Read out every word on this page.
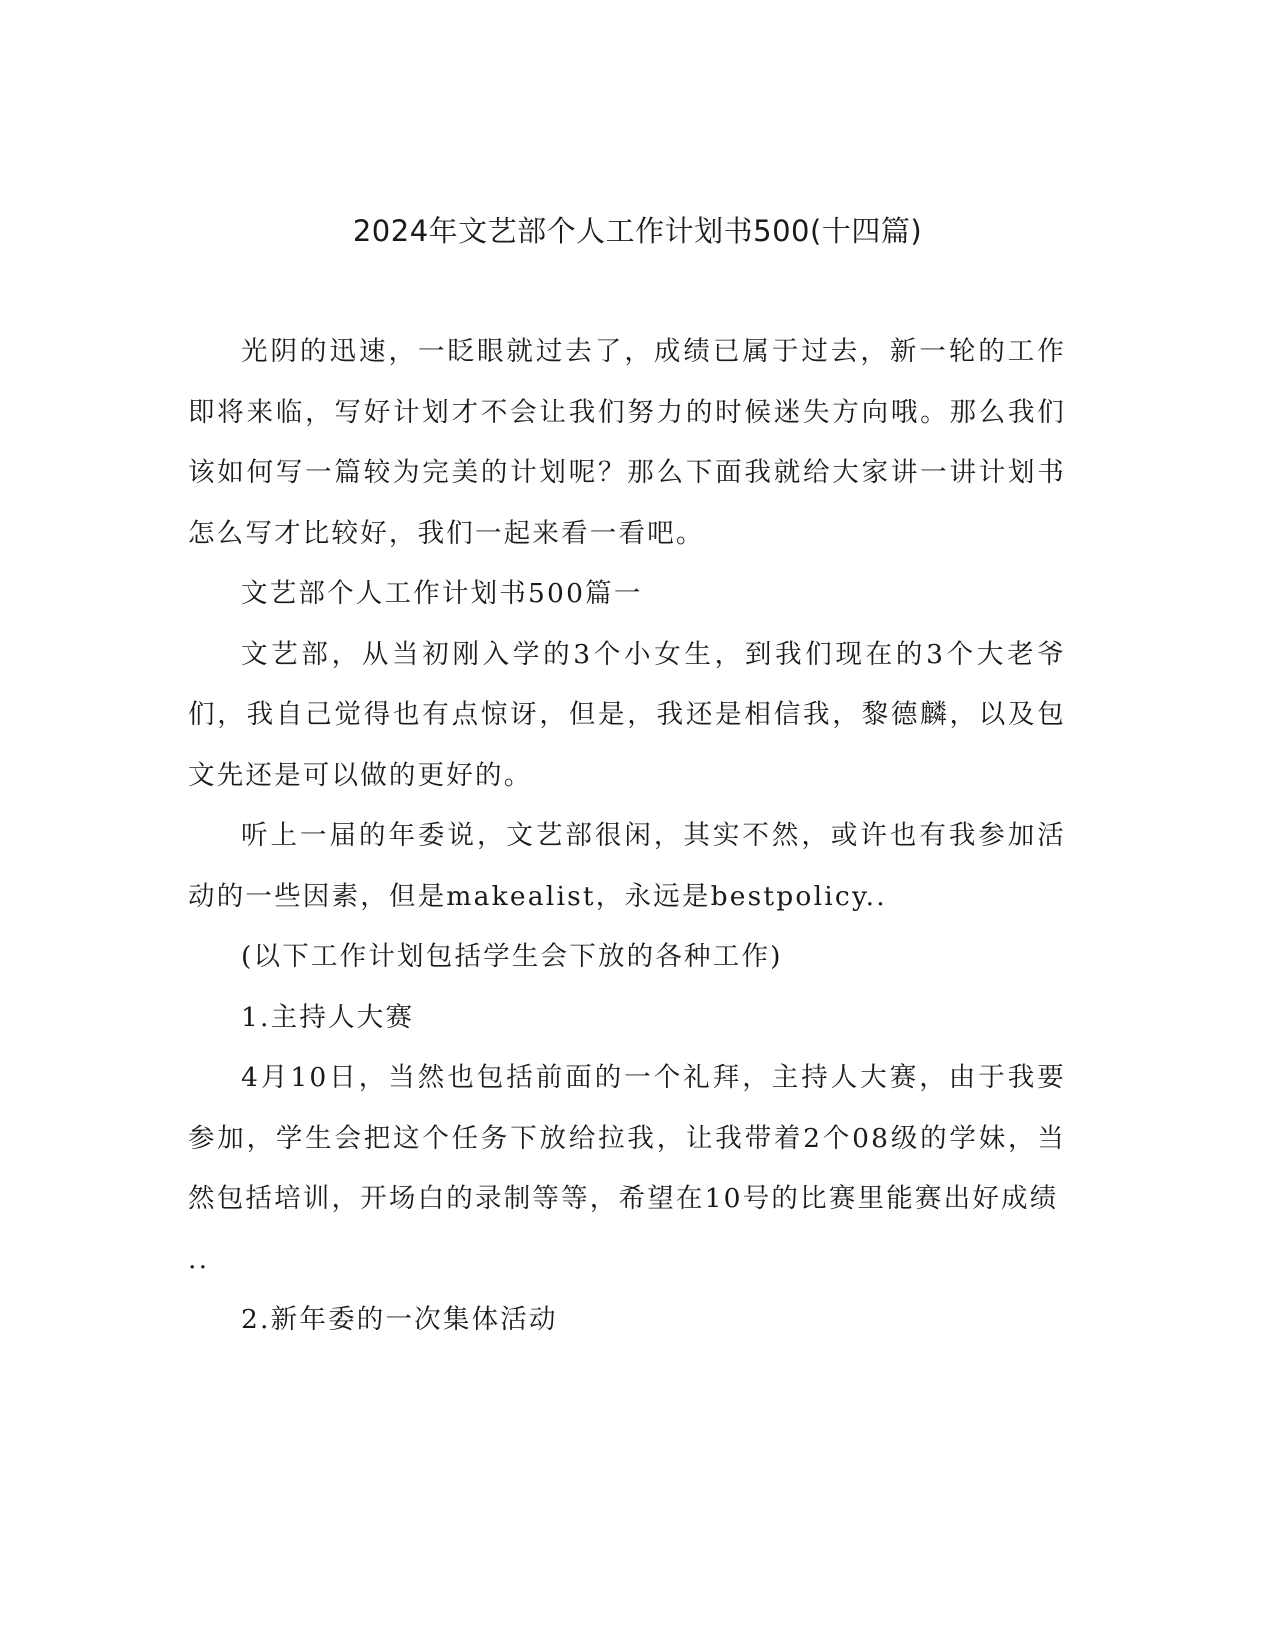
2024年文艺部个人工作计划书500(十四篇)

光阴的迅速，一眨眼就过去了，成绩已属于过去，新一轮的工作即将来临，写好计划才不会让我们努力的时候迷失方向哦。那么我们该如何写一篇较为完美的计划呢？那么下面我就给大家讲一讲计划书怎么写才比较好，我们一起来看一看吧。

文艺部个人工作计划书500篇一

文艺部，从当初刚入学的3个小女生，到我们现在的3个大老爷们，我自己觉得也有点惊讶，但是，我还是相信我，黎德麟，以及包文先还是可以做的更好的。

听上一届的年委说，文艺部很闲，其实不然，或许也有我参加活动的一些因素，但是makealist，永远是bestpolicy..

(以下工作计划包括学生会下放的各种工作)

1.主持人大赛

4月10日，当然也包括前面的一个礼拜，主持人大赛，由于我要参加，学生会把这个任务下放给拉我，让我带着2个08级的学妹，当然包括培训，开场白的录制等等，希望在10号的比赛里能赛出好成绩

..

2.新年委的一次集体活动
